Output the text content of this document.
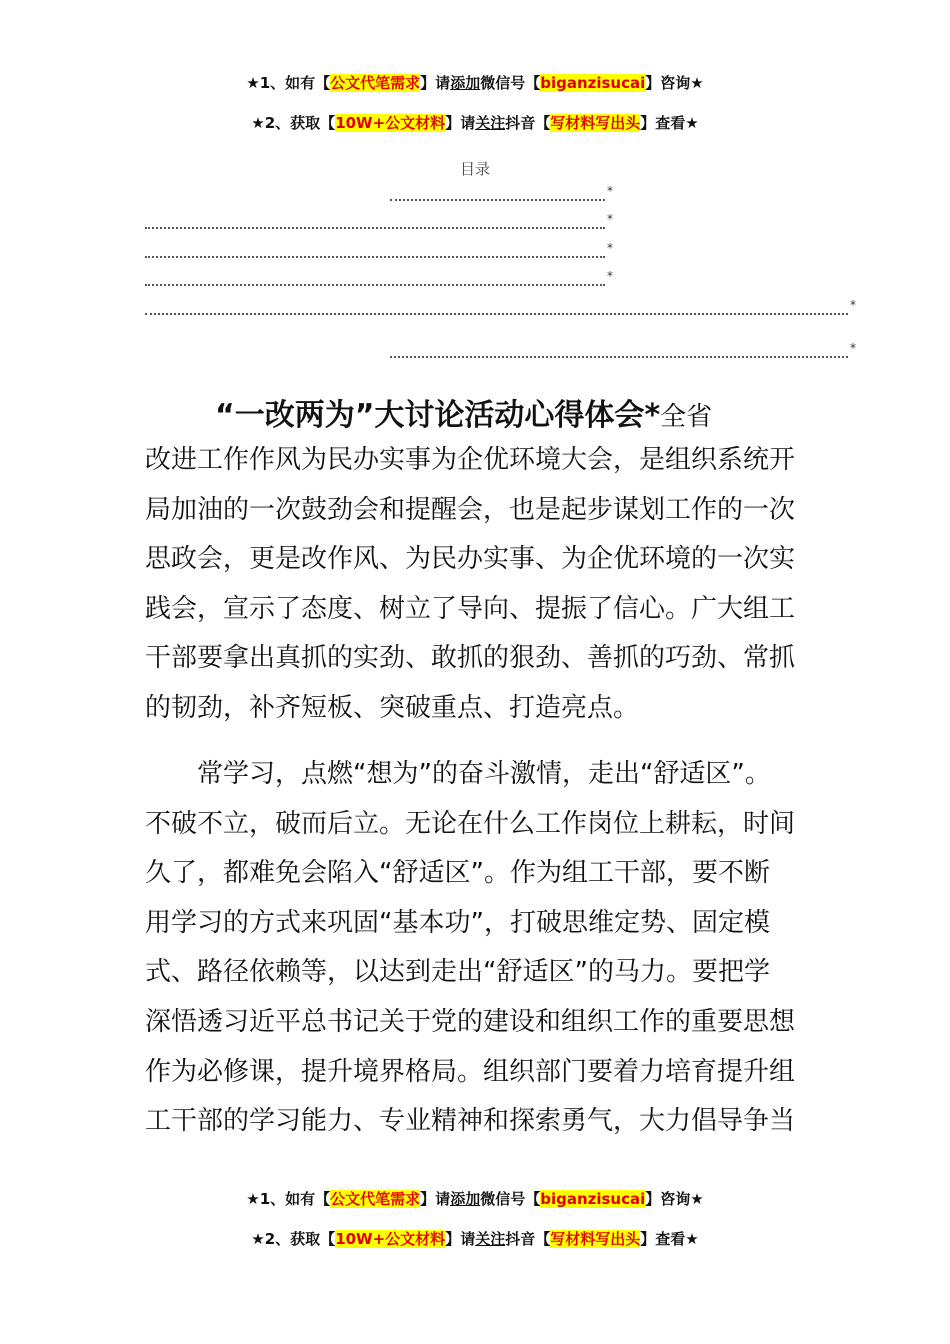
★1、如有【公文代笔需求】请添加微信号【biganzisucai】咨询★
★2、获取【10W+公文材料】请关注抖音【写材料写出头】查看★
目录
*
*
*
*
*
*
“一改两为”大讨论活动心得体会*全省
改进工作作风为民办实事为企优环境大会，是组织系统开
局加油的一次鼓劲会和提醒会，也是起步谋划工作的一次
思政会，更是改作风、为民办实事、为企优环境的一次实
践会，宣示了态度、树立了导向、提振了信心。广大组工
干部要拿出真抓的实劲、敢抓的狠劲、善抓的巧劲、常抓
的韧劲，补齐短板、突破重点、打造亮点。
常学习，点燃“想为”的奋斗激情，走出“舒适区”。
不破不立，破而后立。无论在什么工作岗位上耕耘，时间
久了，都难免会陷入“舒适区”。作为组工干部，要不断
用学习的方式来巩固“基本功”，打破思维定势、固定模
式、路径依赖等，以达到走出“舒适区”的马力。要把学
深悟透习近平总书记关于党的建设和组织工作的重要思想
作为必修课，提升境界格局。组织部门要着力培育提升组
工干部的学习能力、专业精神和探索勇气，大力倡导争当
★1、如有【公文代笔需求】请添加微信号【biganzisucai】咨询★
★2、获取【10W+公文材料】请关注抖音【写材料写出头】查看★
